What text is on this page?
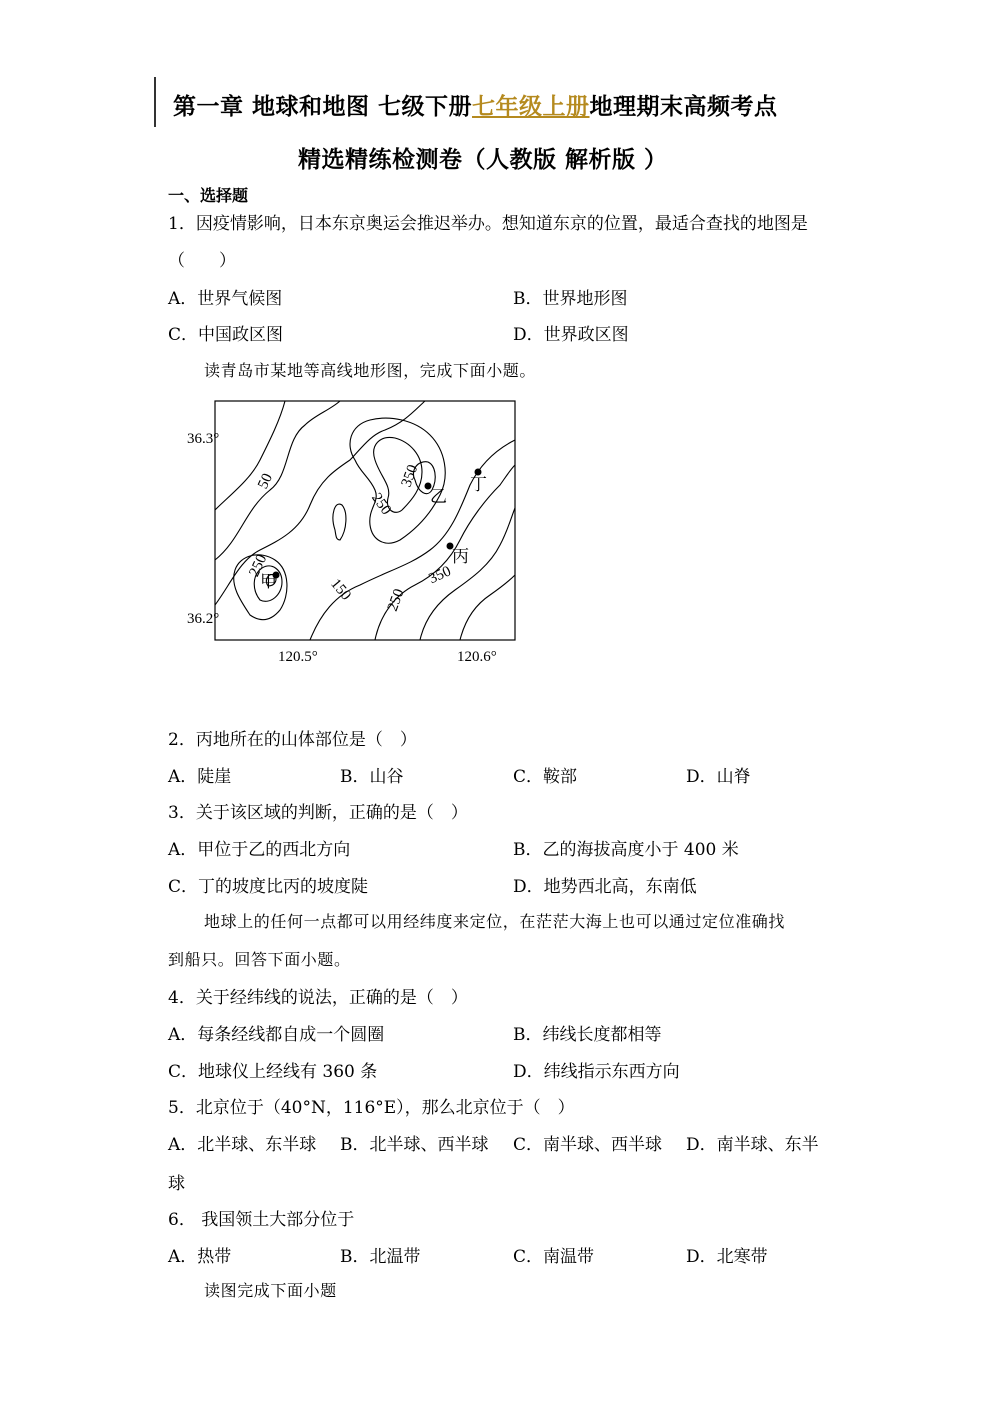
第一章 地球和地图 七级下册七年级上册地理期末高频考点
精选精练检测卷（人教版 解析版 ）
一、选择题
1．因疫情影响，日本东京奥运会推迟举办。想知道东京的位置，最适合查找的地图是
（　　）
A．世界气候图	B．世界地形图
C．中国政区图	D．世界政区图
读青岛市某地等高线地形图，完成下面小题。
36.3°
36.2°
120.5°	120.6°
50
250
350
250
150 250
350
甲
乙
丙
丁
2．丙地所在的山体部位是（　）
A．陡崖	B．山谷	C．鞍部	D．山脊
3．关于该区域的判断，正确的是（　）
A．甲位于乙的西北方向	B．乙的海拔高度小于 400 米
C．丁的坡度比丙的坡度陡	D．地势西北高，东南低
地球上的任何一点都可以用经纬度来定位，在茫茫大海上也可以通过定位准确找
到船只。回答下面小题。
4．关于经纬线的说法，正确的是（　）
A．每条经线都自成一个圆圈	B．纬线长度都相等
C．地球仪上经线有 360 条	D．纬线指示东西方向
5．北京位于（40°N，116°E），那么北京位于（　）
A．北半球、东半球 B．北半球、西半球 C．南半球、西半球 D．南半球、东半
球
6． 我国领土大部分位于
A．热带	B．北温带	C．南温带	D．北寒带
读图完成下面小题
